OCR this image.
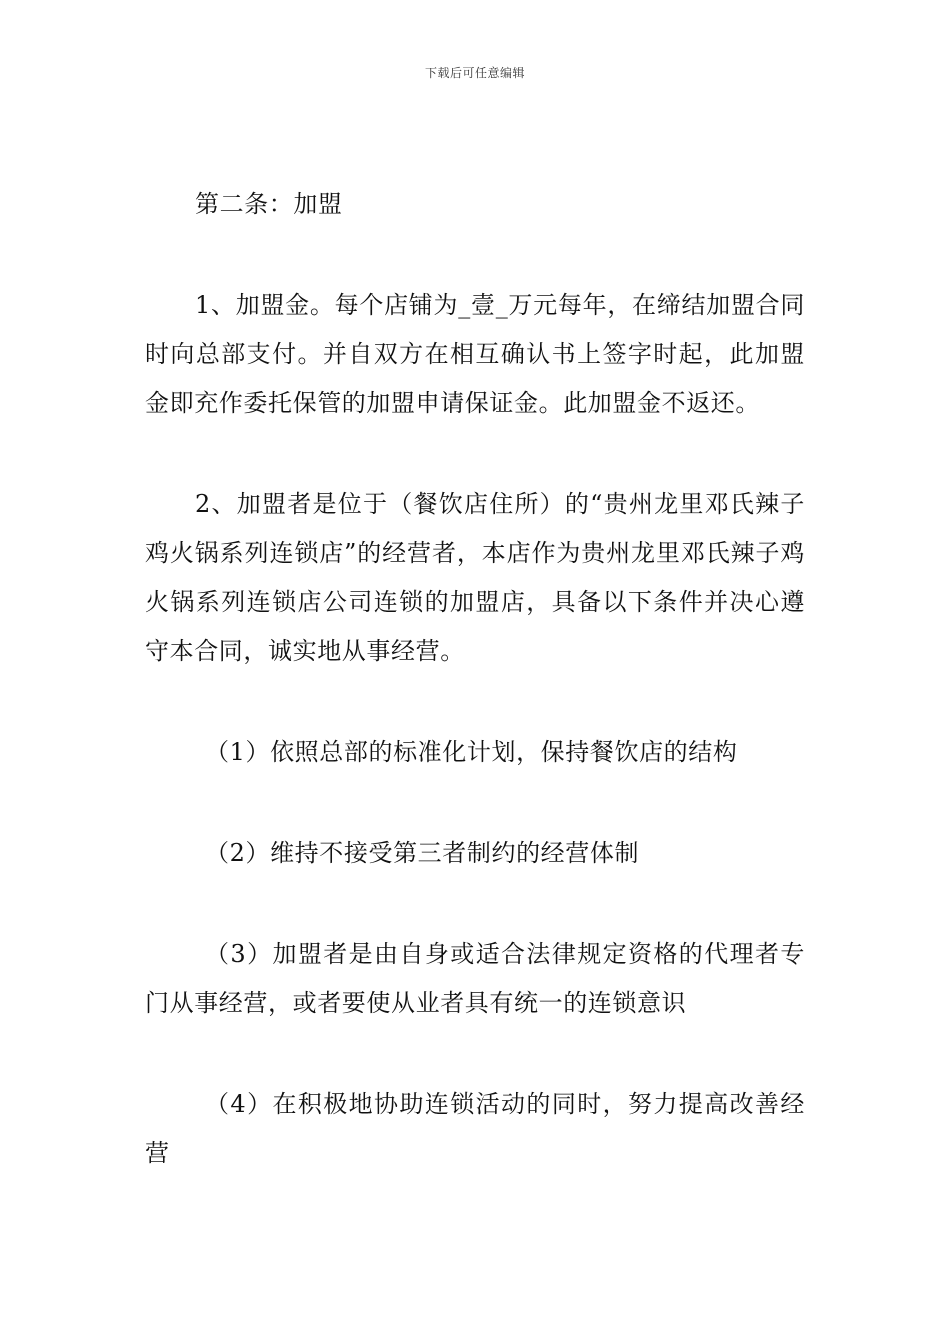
下载后可任意编辑

第二条：加盟

1、加盟金。每个店铺为_壹_万元每年，在缔结加盟合同时向总部支付。并自双方在相互确认书上签字时起，此加盟金即充作委托保管的加盟申请保证金。此加盟金不返还。

2、加盟者是位于（餐饮店住所）的“贵州龙里邓氏辣子鸡火锅系列连锁店”的经营者，本店作为贵州龙里邓氏辣子鸡火锅系列连锁店公司连锁的加盟店，具备以下条件并决心遵守本合同，诚实地从事经营。

（1）依照总部的标准化计划，保持餐饮店的结构

（2）维持不接受第三者制约的经营体制

（3）加盟者是由自身或适合法律规定资格的代理者专门从事经营，或者要使从业者具有统一的连锁意识

（4）在积极地协助连锁活动的同时，努力提高改善经营
